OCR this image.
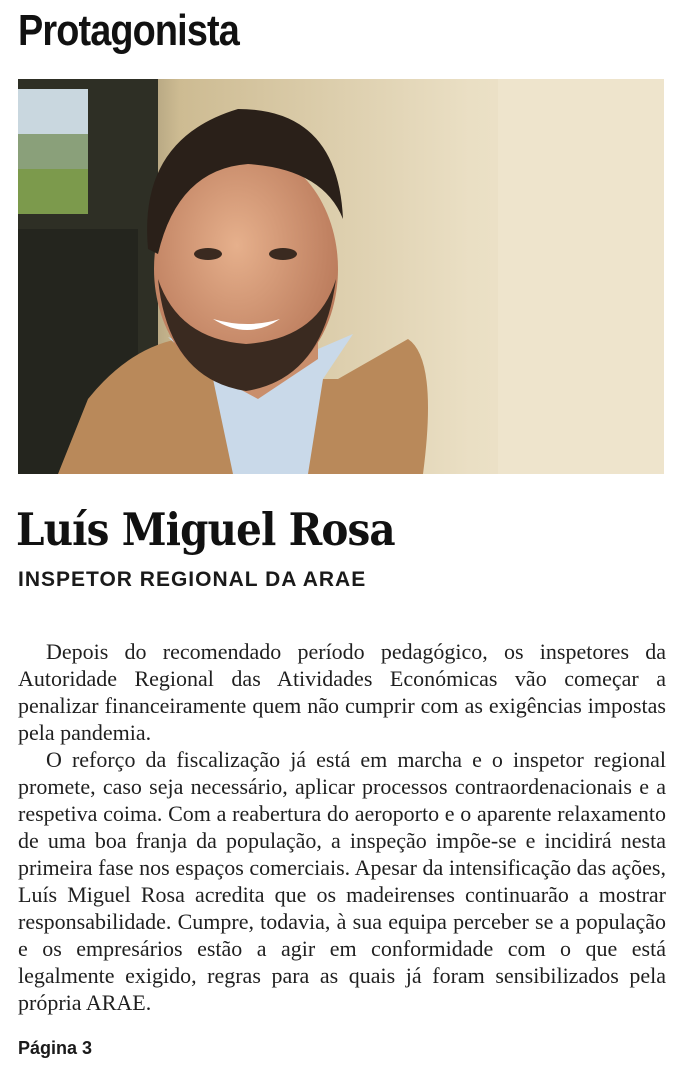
Protagonista
Luís Miguel Rosa
INSPETOR REGIONAL DA ARAE

Depois do recomendado período pedagógico, os inspetores da Autoridade Regional das Atividades Económicas vão começar a penalizar financeiramente quem não cumprir com as exigências impostas pela pandemia.

O reforço da fiscalização já está em marcha e o inspetor regional promete, caso seja necessário, aplicar processos contraordenacionais e a respetiva coima. Com a reabertura do aeroporto e o aparente relaxamento de uma boa franja da população, a inspeção impõe-se e incidirá nesta primeira fase nos espaços comerciais. Apesar da intensificação das ações, Luís Miguel Rosa acredita que os madeirenses continuarão a mostrar responsabilidade. Cumpre, todavia, à sua equipa perceber se a população e os empresários estão a agir em conformidade com o que está legalmente exigido, regras para as quais já foram sensibilizados pela própria ARAE.

Página 3
